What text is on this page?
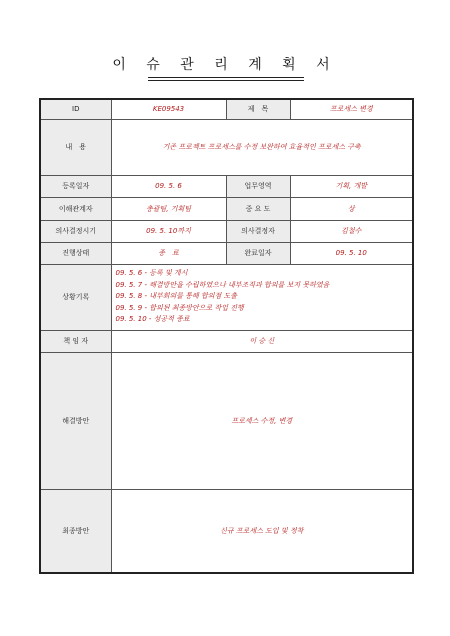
이 슈 관 리 계 획 서
ID	KE09543	제　목	프로세스 변경
내　용	기존 프로젝트 프로세스를 수정 보완하여 효율적인 프로세스 구축		
등록일자	09. 5. 6	업무영역	기획, 개발
이해관계자	총괄팀, 기획팀	중 요 도	상
의사결정시기	09. 5. 10까지	의사결정자	김철수
진행상태	종　료	완료일자	09. 5. 10
상황기록	09. 5. 6 - 등록 및 개시
09. 5. 7 - 해결방안을 수립하였으나 내부조직과 합의를 보지 못하였음
09. 5. 8 - 내부회의를 통해 합의점 도출
09. 5. 9 - 합의된 최종방안으로 작업 진행
09. 5. 10 - 성공적 종료		

책 임 자	이 승 신		
해결방안	프로세스 수정, 변경		
최종방안	신규 프로세스 도입 및 정착		
